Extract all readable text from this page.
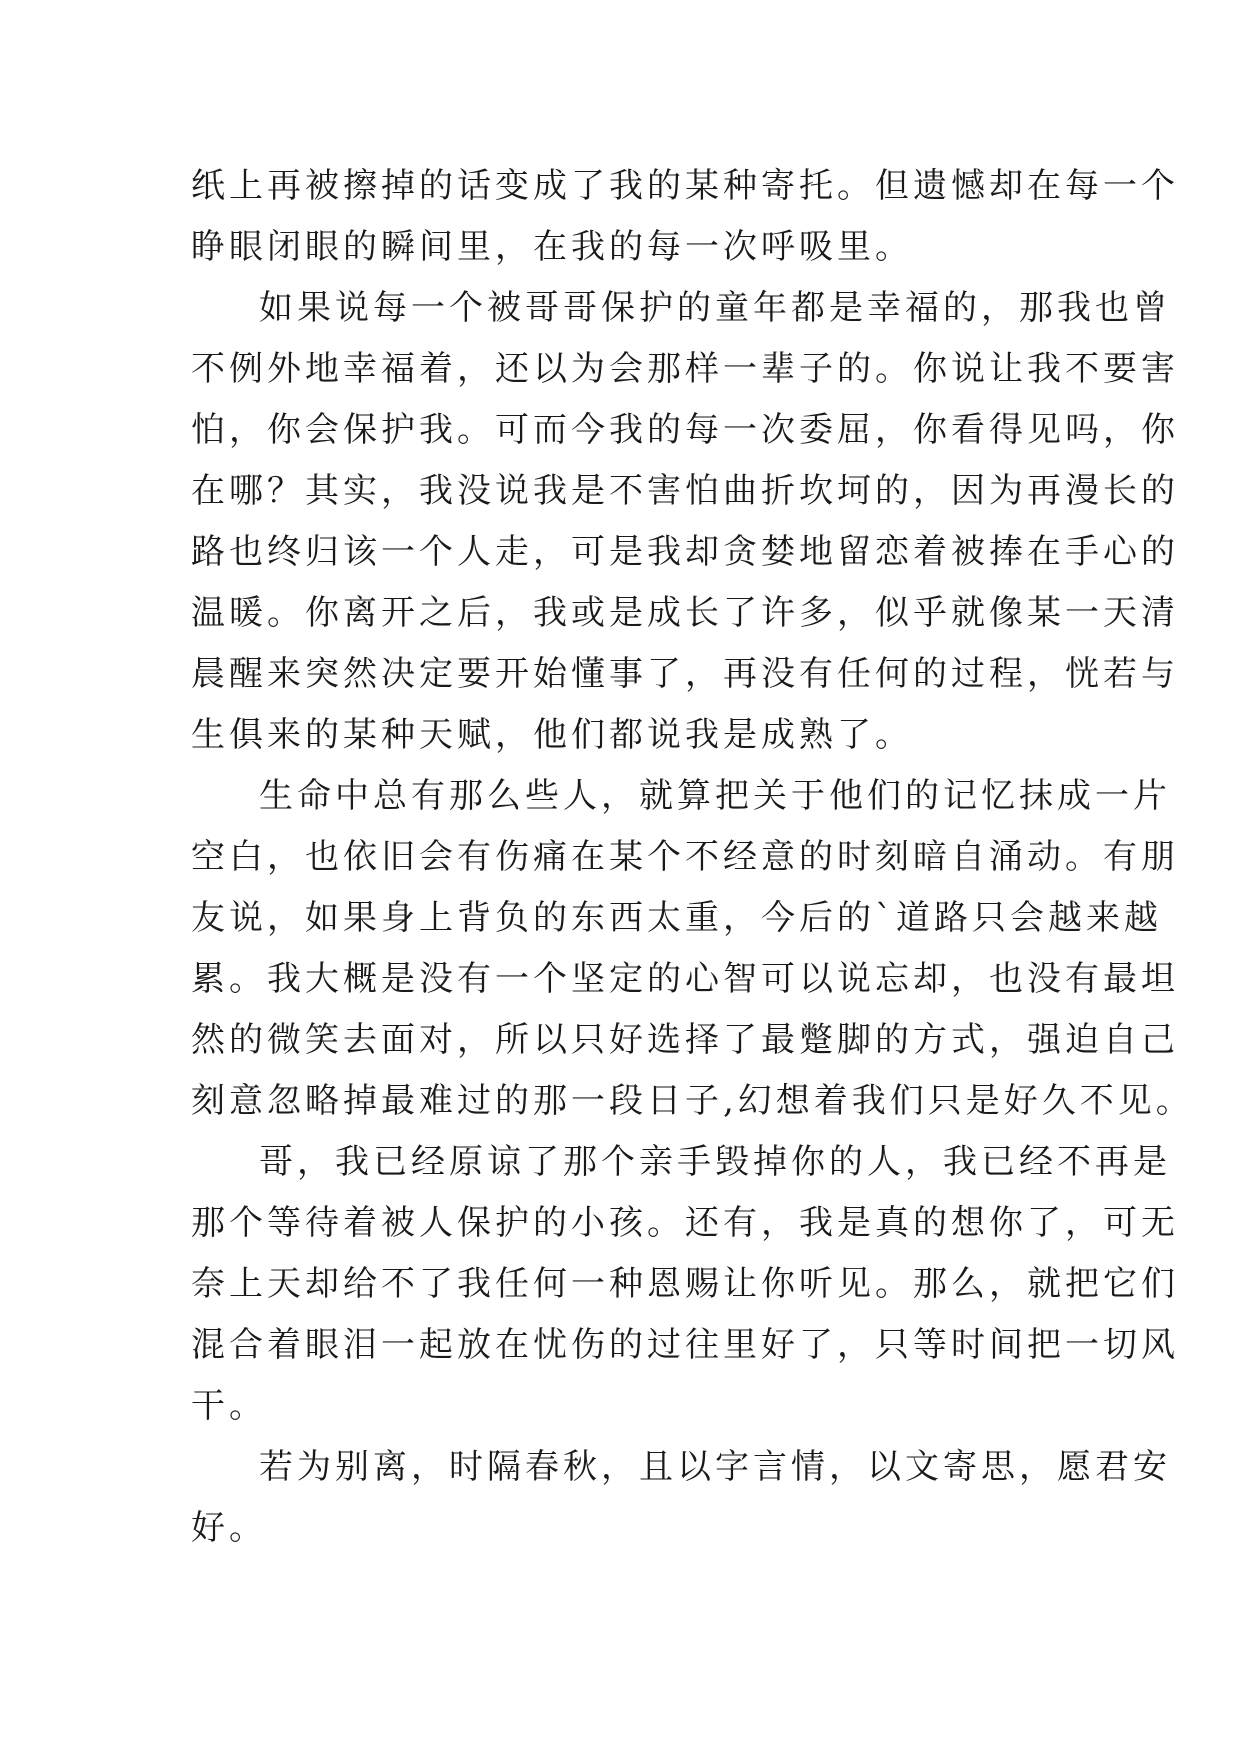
纸上再被擦掉的话变成了我的某种寄托。但遗憾却在每一个
睁眼闭眼的瞬间里，在我的每一次呼吸里。
如果说每一个被哥哥保护的童年都是幸福的，那我也曾
不例外地幸福着，还以为会那样一辈子的。你说让我不要害
怕，你会保护我。可而今我的每一次委屈，你看得见吗，你
在哪？其实，我没说我是不害怕曲折坎坷的，因为再漫长的
路也终归该一个人走，可是我却贪婪地留恋着被捧在手心的
温暖。你离开之后，我或是成长了许多，似乎就像某一天清
晨醒来突然决定要开始懂事了，再没有任何的过程，恍若与
生俱来的某种天赋，他们都说我是成熟了。
生命中总有那么些人，就算把关于他们的记忆抹成一片
空白，也依旧会有伤痛在某个不经意的时刻暗自涌动。有朋
友说，如果身上背负的东西太重，今后的`道路只会越来越
累。我大概是没有一个坚定的心智可以说忘却，也没有最坦
然的微笑去面对，所以只好选择了最蹩脚的方式，强迫自己
刻意忽略掉最难过的那一段日子,幻想着我们只是好久不见。
哥，我已经原谅了那个亲手毁掉你的人，我已经不再是
那个等待着被人保护的小孩。还有，我是真的想你了，可无
奈上天却给不了我任何一种恩赐让你听见。那么，就把它们
混合着眼泪一起放在忧伤的过往里好了，只等时间把一切风
干。
若为别离，时隔春秋，且以字言情，以文寄思，愿君安
好。
